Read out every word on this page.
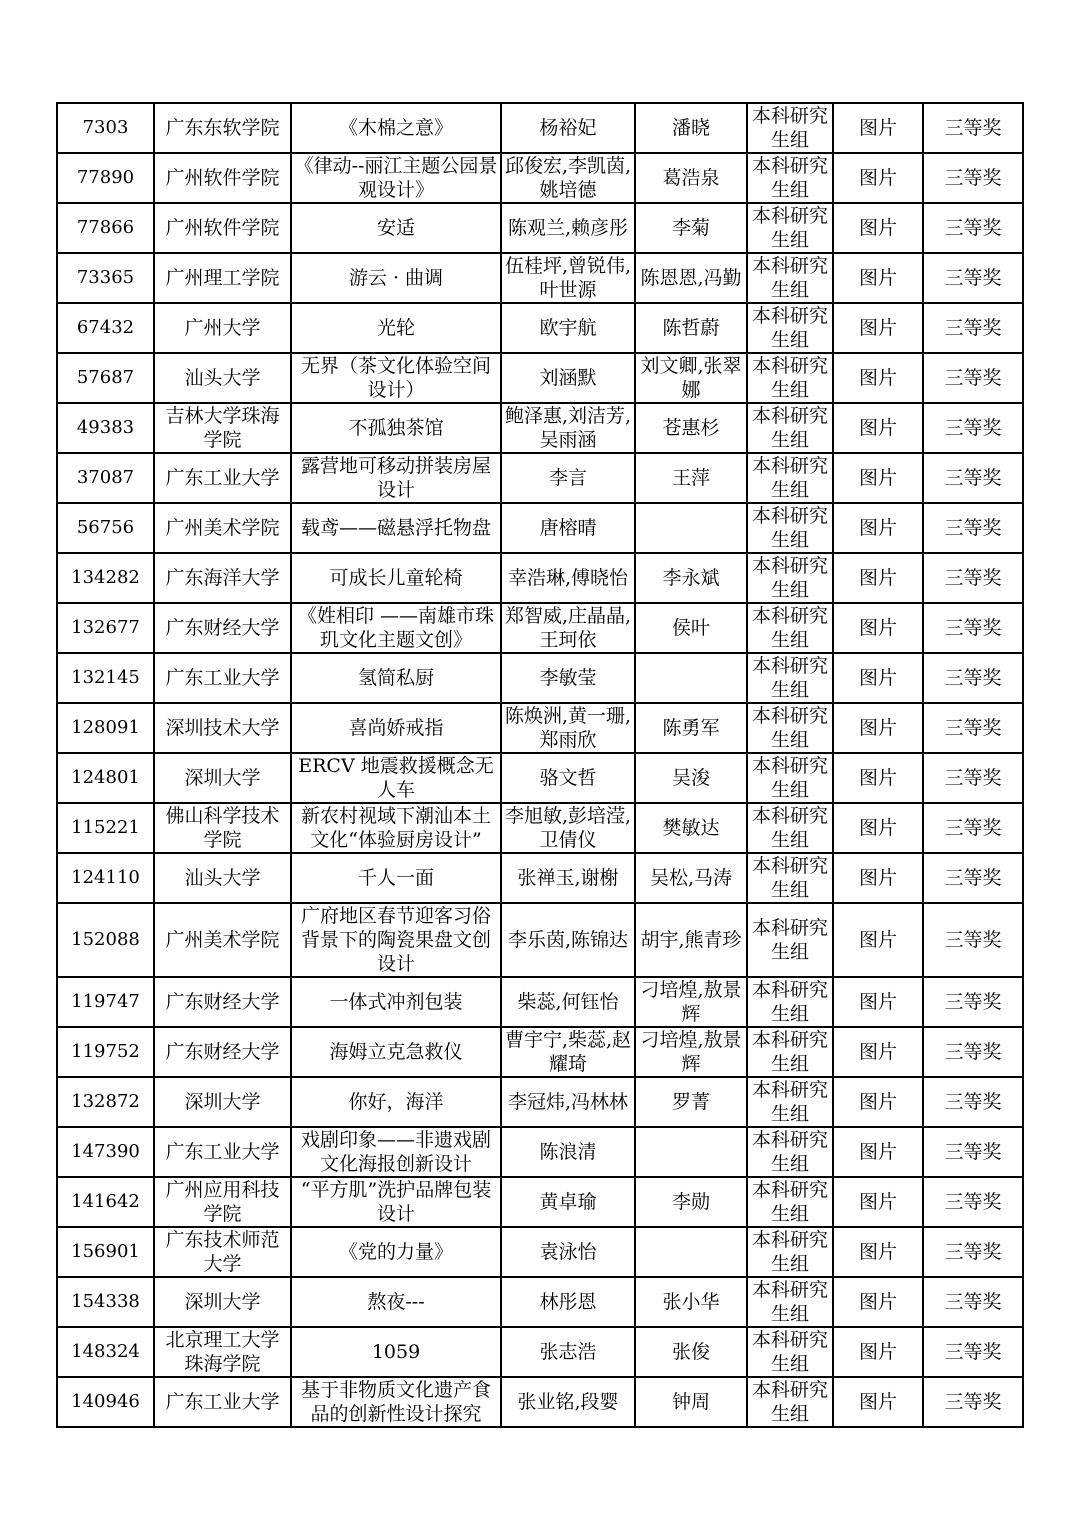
7303	广东东软学院	《木棉之意》	杨裕妃	潘晓	本科研究生组	图片	三等奖
77890	广州软件学院	《律动--丽江主题公园景观设计》	邱俊宏,李凯茵,姚培德	葛浩泉	本科研究生组	图片	三等奖
77866	广州软件学院	安适	陈观兰,赖彦彤	李菊	本科研究生组	图片	三等奖
73365	广州理工学院	游云 · 曲调	伍桂坪,曾锐伟,叶世源	陈恩恩,冯勤	本科研究生组	图片	三等奖
67432	广州大学	光轮	欧宇航	陈哲蔚	本科研究生组	图片	三等奖
57687	汕头大学	无界（茶文化体验空间设计）	刘涵默	刘文卿,张翠娜	本科研究生组	图片	三等奖
49383	吉林大学珠海学院	不孤独茶馆	鲍泽惠,刘洁芳,吴雨涵	苍惠杉	本科研究生组	图片	三等奖
37087	广东工业大学	露营地可移动拼装房屋设计	李言	王萍	本科研究生组	图片	三等奖
56756	广州美术学院	载鸢——磁悬浮托物盘	唐榕晴		本科研究生组	图片	三等奖
134282	广东海洋大学	可成长儿童轮椅	幸浩琳,傅晓怡	李永斌	本科研究生组	图片	三等奖
132677	广东财经大学	《姓相印 ——南雄市珠玑文化主题文创》	郑智威,庄晶晶,王珂依	侯叶	本科研究生组	图片	三等奖
132145	广东工业大学	氢简私厨	李敏莹		本科研究生组	图片	三等奖
128091	深圳技术大学	喜尚娇戒指	陈焕洲,黄一珊,郑雨欣	陈勇军	本科研究生组	图片	三等奖
124801	深圳大学	ERCV 地震救援概念无人车	骆文哲	吴浚	本科研究生组	图片	三等奖
115221	佛山科学技术学院	新农村视域下潮汕本土文化“体验厨房设计”	李旭敏,彭培滢,卫倩仪	樊敏达	本科研究生组	图片	三等奖
124110	汕头大学	千人一面	张禅玉,谢榭	吴松,马涛	本科研究生组	图片	三等奖
152088	广州美术学院	广府地区春节迎客习俗背景下的陶瓷果盘文创设计	李乐茵,陈锦达	胡宇,熊青珍	本科研究生组	图片	三等奖
119747	广东财经大学	一体式冲剂包装	柴蕊,何钰怡	刁培煌,敖景辉	本科研究生组	图片	三等奖
119752	广东财经大学	海姆立克急救仪	曹宇宁,柴蕊,赵耀琦	刁培煌,敖景辉	本科研究生组	图片	三等奖
132872	深圳大学	你好，海洋	李冠炜,冯林林	罗菁	本科研究生组	图片	三等奖
147390	广东工业大学	戏剧印象——非遗戏剧文化海报创新设计	陈浪清		本科研究生组	图片	三等奖
141642	广州应用科技学院	“平方肌”洗护品牌包装设计	黄卓瑜	李勋	本科研究生组	图片	三等奖
156901	广东技术师范大学	《党的力量》	袁泳怡		本科研究生组	图片	三等奖
154338	深圳大学	熬夜---	林彤恩	张小华	本科研究生组	图片	三等奖
148324	北京理工大学珠海学院	1059	张志浩	张俊	本科研究生组	图片	三等奖
140946	广东工业大学	基于非物质文化遗产食品的创新性设计探究	张业铭,段婴	钟周	本科研究生组	图片	三等奖
